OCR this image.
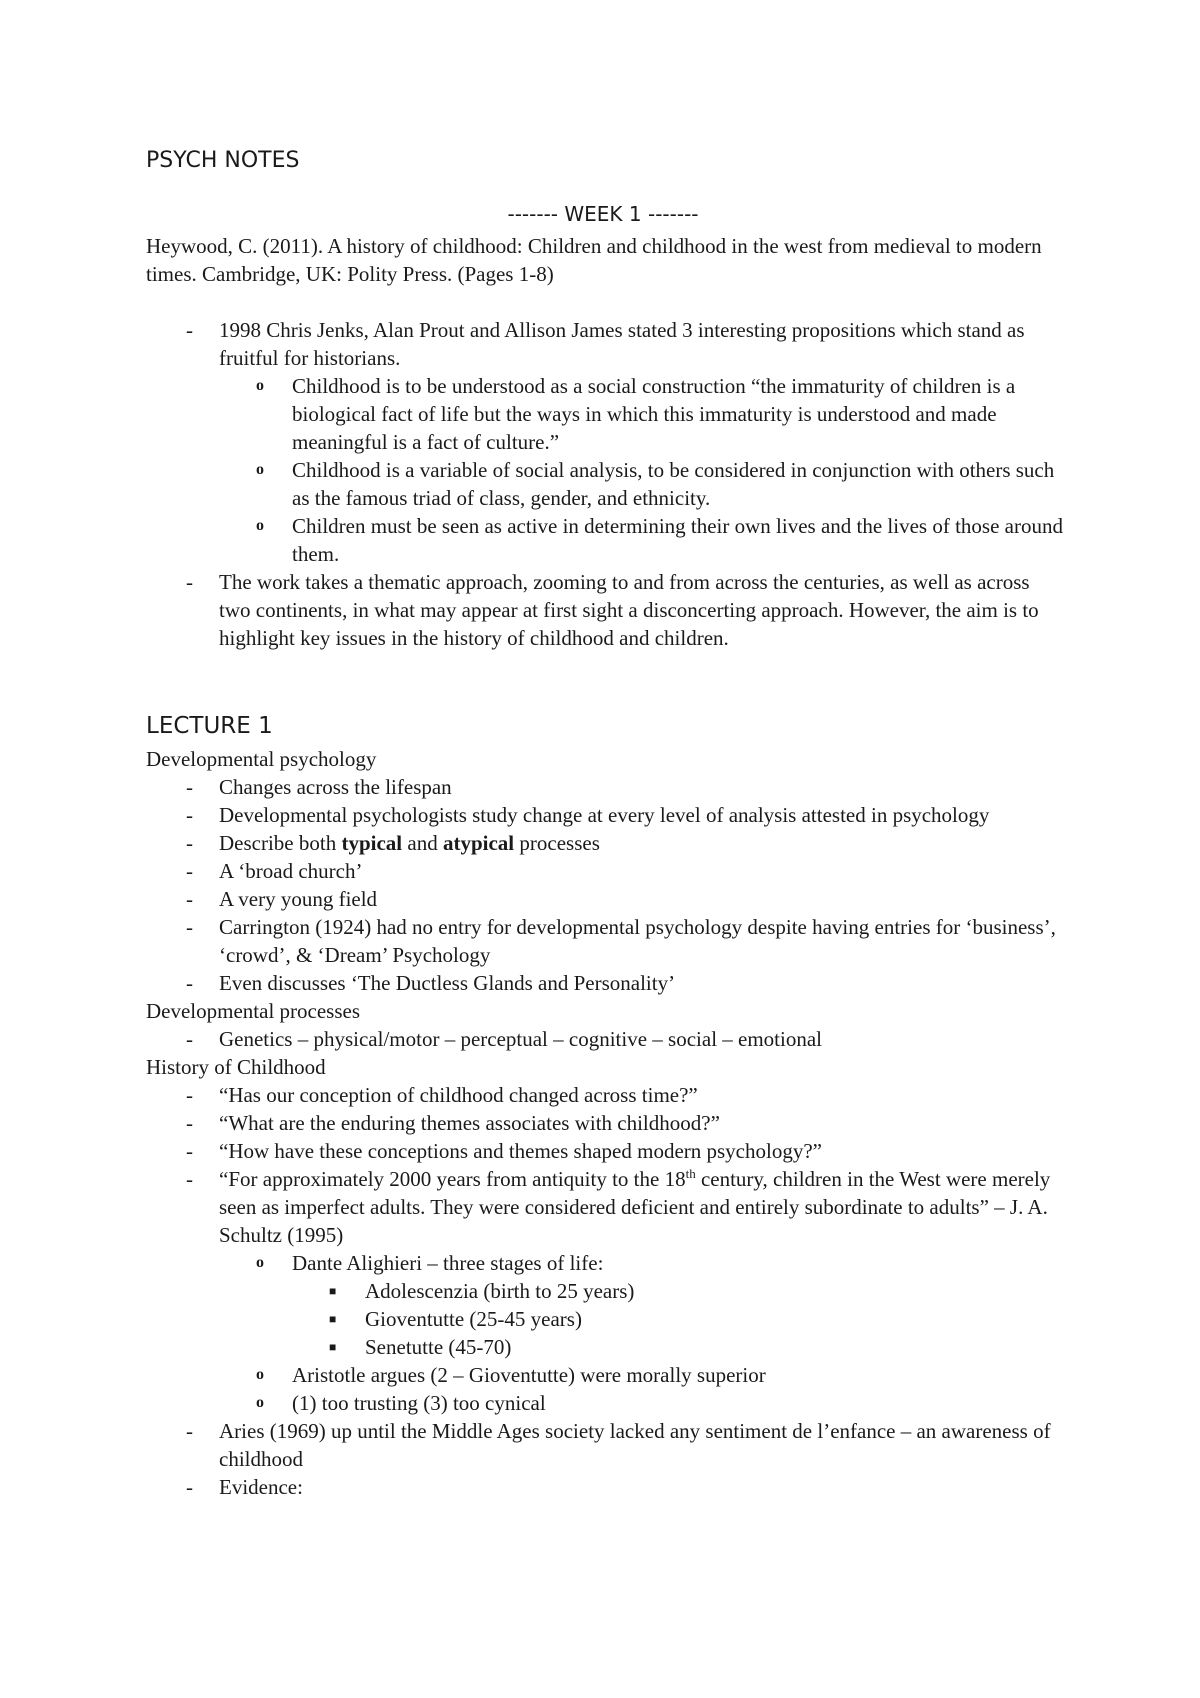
PSYCH NOTES
------- WEEK 1 -------
Heywood, C. (2011). A history of childhood: Children and childhood in the west from medieval to modern times. Cambridge, UK: Polity Press. (Pages 1-8)
- 1998 Chris Jenks, Alan Prout and Allison James stated 3 interesting propositions which stand as fruitful for historians.
o Childhood is to be understood as a social construction “the immaturity of children is a biological fact of life but the ways in which this immaturity is understood and made meaningful is a fact of culture.”
o Childhood is a variable of social analysis, to be considered in conjunction with others such as the famous triad of class, gender, and ethnicity.
o Children must be seen as active in determining their own lives and the lives of those around them.
- The work takes a thematic approach, zooming to and from across the centuries, as well as across two continents, in what may appear at first sight a disconcerting approach. However, the aim is to highlight key issues in the history of childhood and children.
LECTURE 1
Developmental psychology
- Changes across the lifespan
- Developmental psychologists study change at every level of analysis attested in psychology
- Describe both typical and atypical processes
- A ‘broad church’
- A very young field
- Carrington (1924) had no entry for developmental psychology despite having entries for ‘business’, ‘crowd’, & ‘Dream’ Psychology
- Even discusses ‘The Ductless Glands and Personality’
Developmental processes
- Genetics – physical/motor – perceptual – cognitive – social – emotional
History of Childhood
- “Has our conception of childhood changed across time?”
- “What are the enduring themes associates with childhood?”
- “How have these conceptions and themes shaped modern psychology?”
- “For approximately 2000 years from antiquity to the 18th century, children in the West were merely seen as imperfect adults. They were considered deficient and entirely subordinate to adults” – J. A. Schultz (1995)
o Dante Alighieri – three stages of life:
■ Adolescenzia (birth to 25 years)
■ Gioventutte (25-45 years)
■ Senetutte (45-70)
o Aristotle argues (2 – Gioventutte) were morally superior
o (1) too trusting (3) too cynical
- Aries (1969) up until the Middle Ages society lacked any sentiment de l’enfance – an awareness of childhood
- Evidence:
